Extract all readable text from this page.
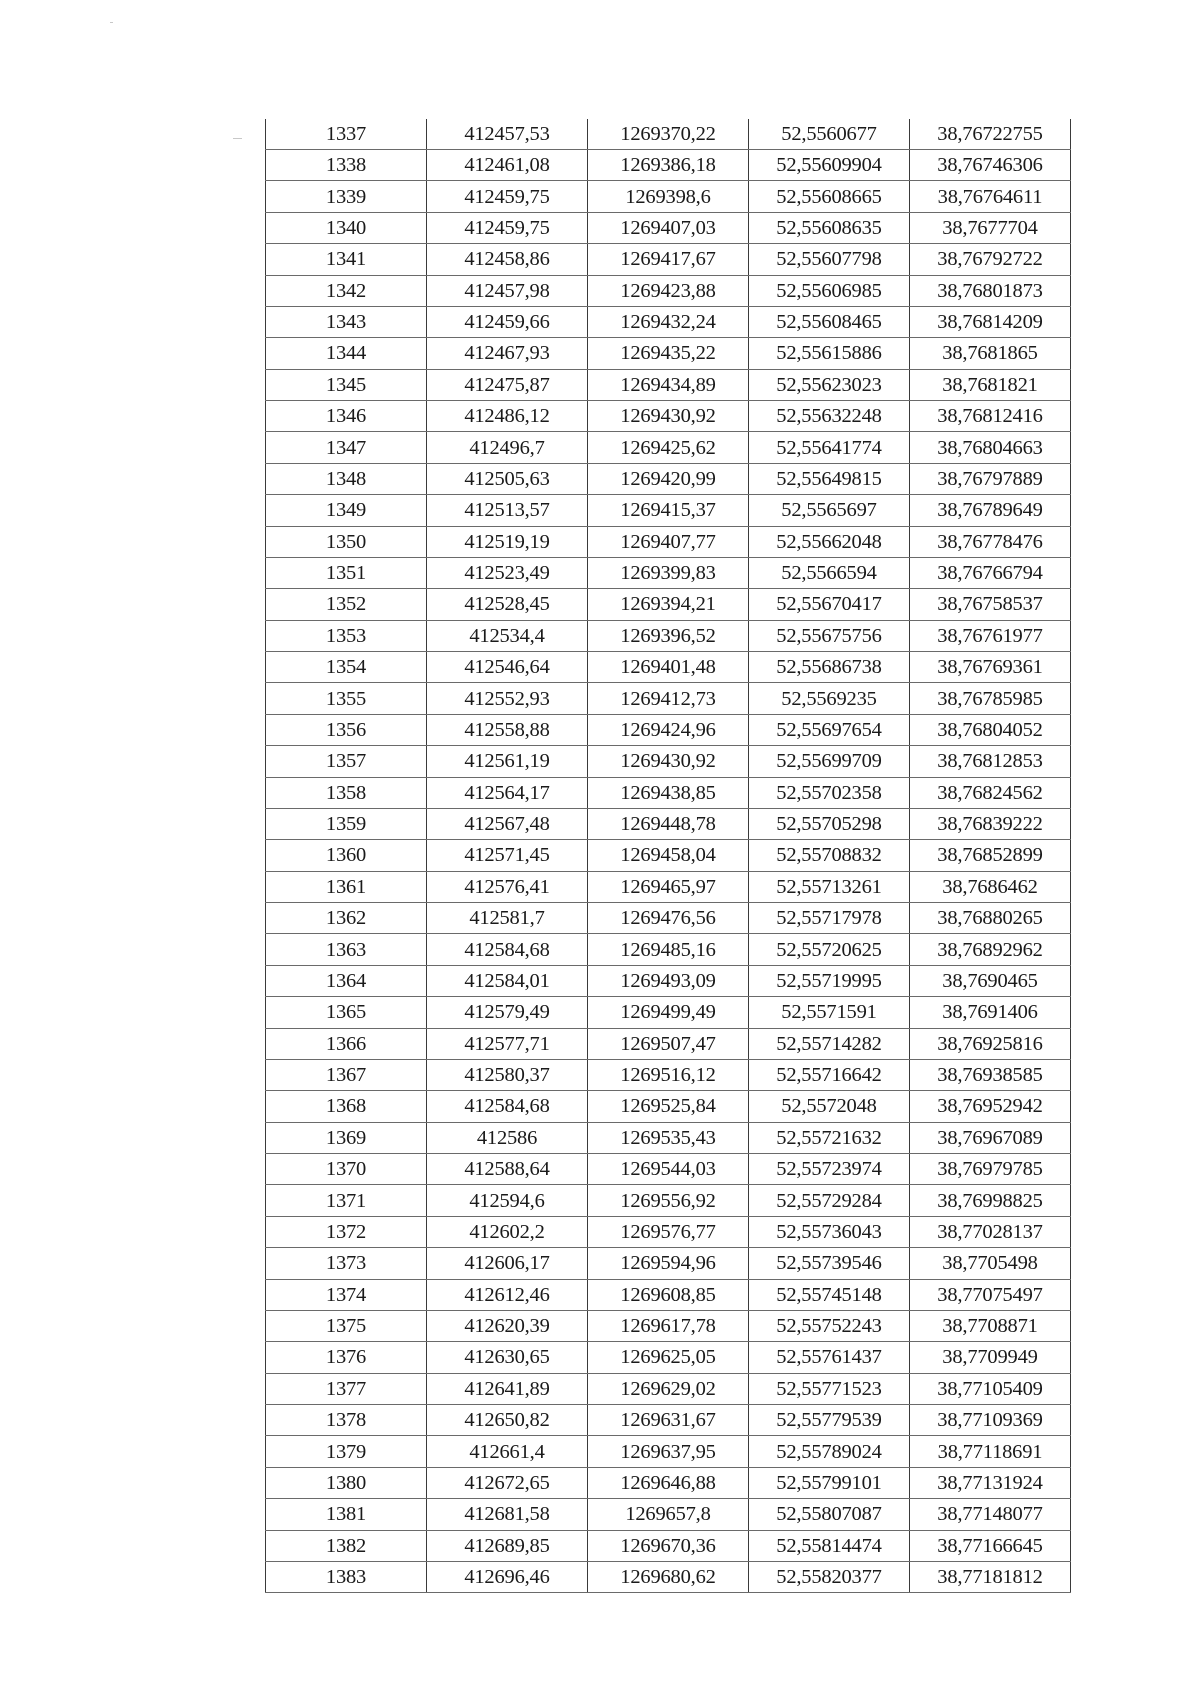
1337	412457,53	1269370,22	52,5560677	38,76722755
1338	412461,08	1269386,18	52,55609904	38,76746306
1339	412459,75	1269398,6	52,55608665	38,76764611
1340	412459,75	1269407,03	52,55608635	38,7677704
1341	412458,86	1269417,67	52,55607798	38,76792722
1342	412457,98	1269423,88	52,55606985	38,76801873
1343	412459,66	1269432,24	52,55608465	38,76814209
1344	412467,93	1269435,22	52,55615886	38,7681865
1345	412475,87	1269434,89	52,55623023	38,7681821
1346	412486,12	1269430,92	52,55632248	38,76812416
1347	412496,7	1269425,62	52,55641774	38,76804663
1348	412505,63	1269420,99	52,55649815	38,76797889
1349	412513,57	1269415,37	52,5565697	38,76789649
1350	412519,19	1269407,77	52,55662048	38,76778476
1351	412523,49	1269399,83	52,5566594	38,76766794
1352	412528,45	1269394,21	52,55670417	38,76758537
1353	412534,4	1269396,52	52,55675756	38,76761977
1354	412546,64	1269401,48	52,55686738	38,76769361
1355	412552,93	1269412,73	52,5569235	38,76785985
1356	412558,88	1269424,96	52,55697654	38,76804052
1357	412561,19	1269430,92	52,55699709	38,76812853
1358	412564,17	1269438,85	52,55702358	38,76824562
1359	412567,48	1269448,78	52,55705298	38,76839222
1360	412571,45	1269458,04	52,55708832	38,76852899
1361	412576,41	1269465,97	52,55713261	38,7686462
1362	412581,7	1269476,56	52,55717978	38,76880265
1363	412584,68	1269485,16	52,55720625	38,76892962
1364	412584,01	1269493,09	52,55719995	38,7690465
1365	412579,49	1269499,49	52,5571591	38,7691406
1366	412577,71	1269507,47	52,55714282	38,76925816
1367	412580,37	1269516,12	52,55716642	38,76938585
1368	412584,68	1269525,84	52,5572048	38,76952942
1369	412586	1269535,43	52,55721632	38,76967089
1370	412588,64	1269544,03	52,55723974	38,76979785
1371	412594,6	1269556,92	52,55729284	38,76998825
1372	412602,2	1269576,77	52,55736043	38,77028137
1373	412606,17	1269594,96	52,55739546	38,7705498
1374	412612,46	1269608,85	52,55745148	38,77075497
1375	412620,39	1269617,78	52,55752243	38,7708871
1376	412630,65	1269625,05	52,55761437	38,7709949
1377	412641,89	1269629,02	52,55771523	38,77105409
1378	412650,82	1269631,67	52,55779539	38,77109369
1379	412661,4	1269637,95	52,55789024	38,77118691
1380	412672,65	1269646,88	52,55799101	38,77131924
1381	412681,58	1269657,8	52,55807087	38,77148077
1382	412689,85	1269670,36	52,55814474	38,77166645
1383	412696,46	1269680,62	52,55820377	38,77181812
